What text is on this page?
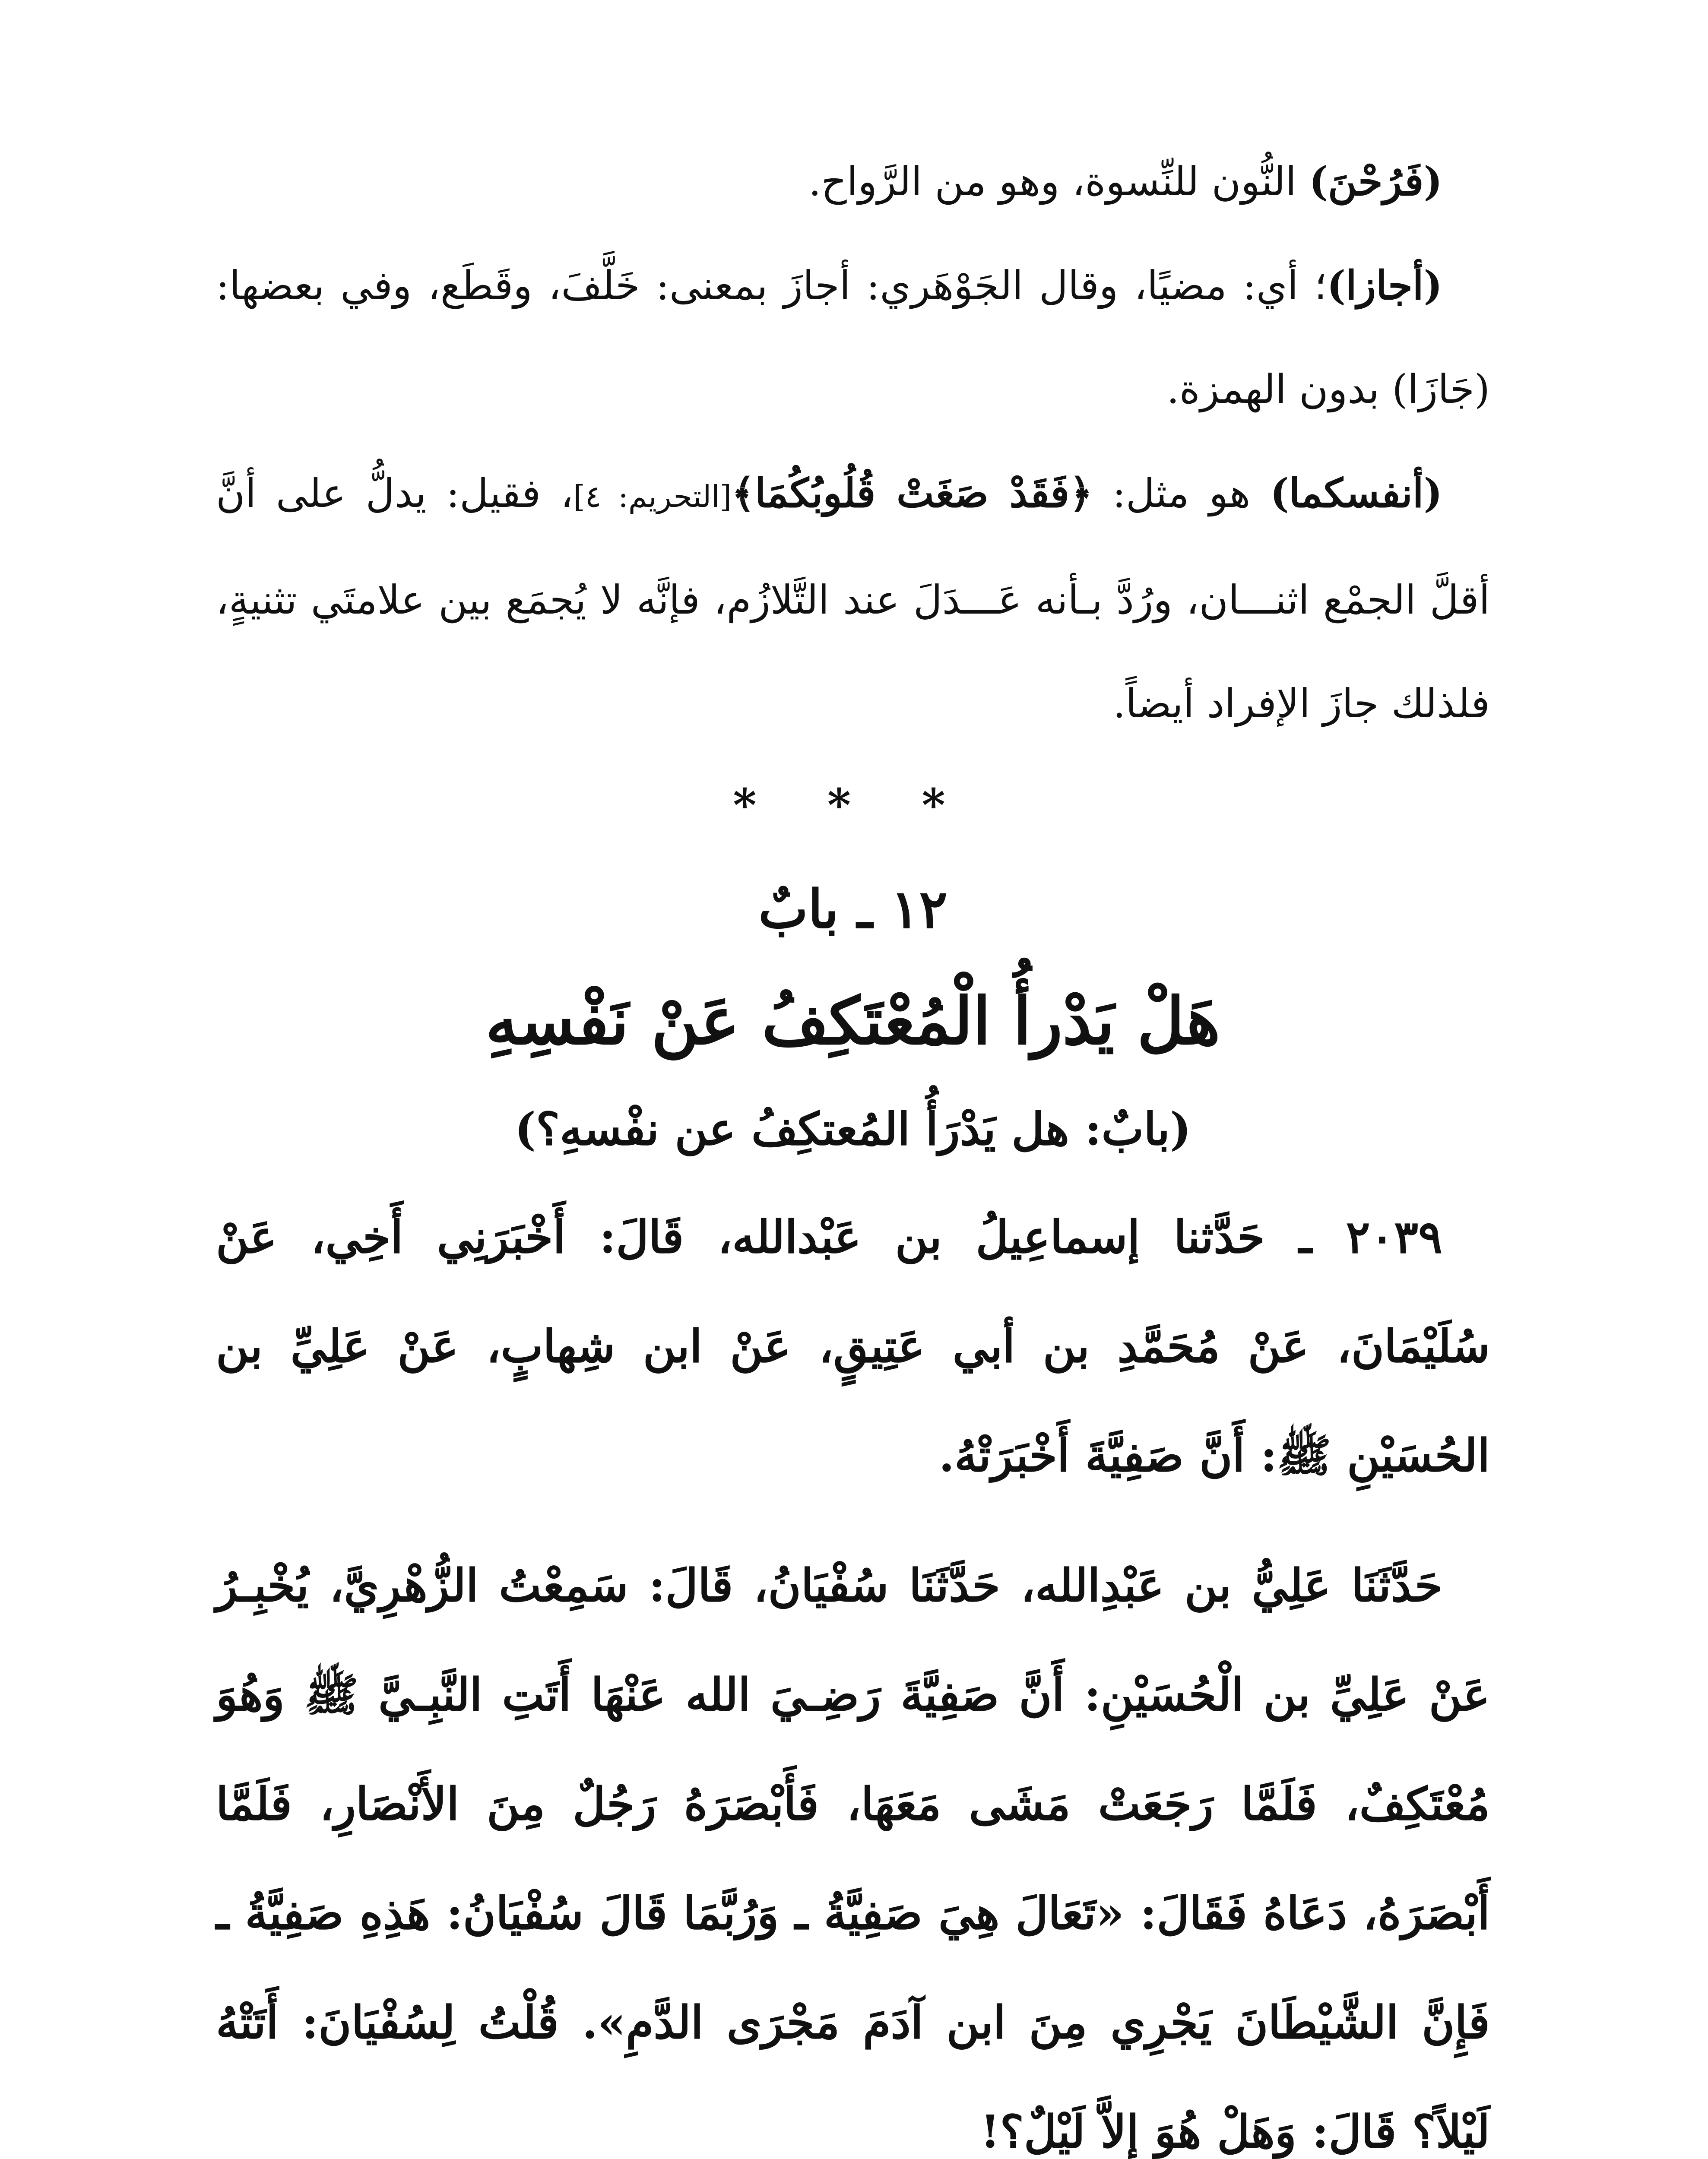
(فَرُحْنَ) النُّون للنِّسوة، وهو من الرَّواح.

(أجازا)؛ أي: مضيًا، وقال الجَوْهَري: أجازَ بمعنى: خَلَّفَ، وقَطَع، وفي بعضها: (جَازَا) بدون الهمزة.

(أنفسكما) هو مثل: ﴿فَقَدْ صَغَتْ قُلُوبُكُمَا﴾[التحريم: ٤]، فقيل: يدلُّ على أنَّ أقلَّ الجمْع اثنـــان، ورُدَّ بـأنه عَـــدَلَ عند التَّلازُم، فإنَّه لا يُجمَع بين علامتَي تثنيةٍ، فلذلك جازَ الإفراد أيضاً.

* * *
١٢ ـ بابٌ
هَلْ يَدْرأُ الْمُعْتَكِفُ عَنْ نَفْسِهِ
(بابٌ: هل يَدْرَأُ المُعتكِفُ عن نفْسهِ؟)

٢٠٣٩ ـ حَدَّثنا إسماعِيلُ بن عَبْدالله، قَالَ: أَخْبَرَنِي أَخِي، عَنْ سُلَيْمَانَ، عَنْ مُحَمَّدِ بن أبي عَتِيقٍ، عَنْ ابن شِهابٍ، عَنْ عَلِيِّ بن الحُسَيْنِ ﷺ: أَنَّ صَفِيَّةَ أَخْبَرَتْهُ.

حَدَّثَنَا عَلِيُّ بن عَبْدِالله، حَدَّثَنَا سُفْيَانُ، قَالَ: سَمِعْتُ الزُّهْرِيَّ، يُخْبِـرُ عَنْ عَلِيِّ بن الْحُسَيْنِ: أَنَّ صَفِيَّةَ رَضِـيَ الله عَنْهَا أَتَتِ النَّبِـيَّ ﷺ وَهُوَ مُعْتَكِفٌ، فَلَمَّا رَجَعَتْ مَشَى مَعَهَا، فَأَبْصَرَهُ رَجُلٌ مِنَ الأَنْصَارِ، فَلَمَّا أَبْصَرَهُ، دَعَاهُ فَقَالَ: «تَعَالَ هِيَ صَفِيَّةُ ـ وَرُبَّمَا قَالَ سُفْيَانُ: هَذِهِ صَفِيَّةُ ـ فَإِنَّ الشَّيْطَانَ يَجْرِي مِنَ ابن آدَمَ مَجْرَى الدَّمِ». قُلْتُ لِسُفْيَانَ: أَتَتْهُ لَيْلاً؟ قَالَ: وَهَلْ هُوَ إِلاَّ لَيْلٌ؟!
